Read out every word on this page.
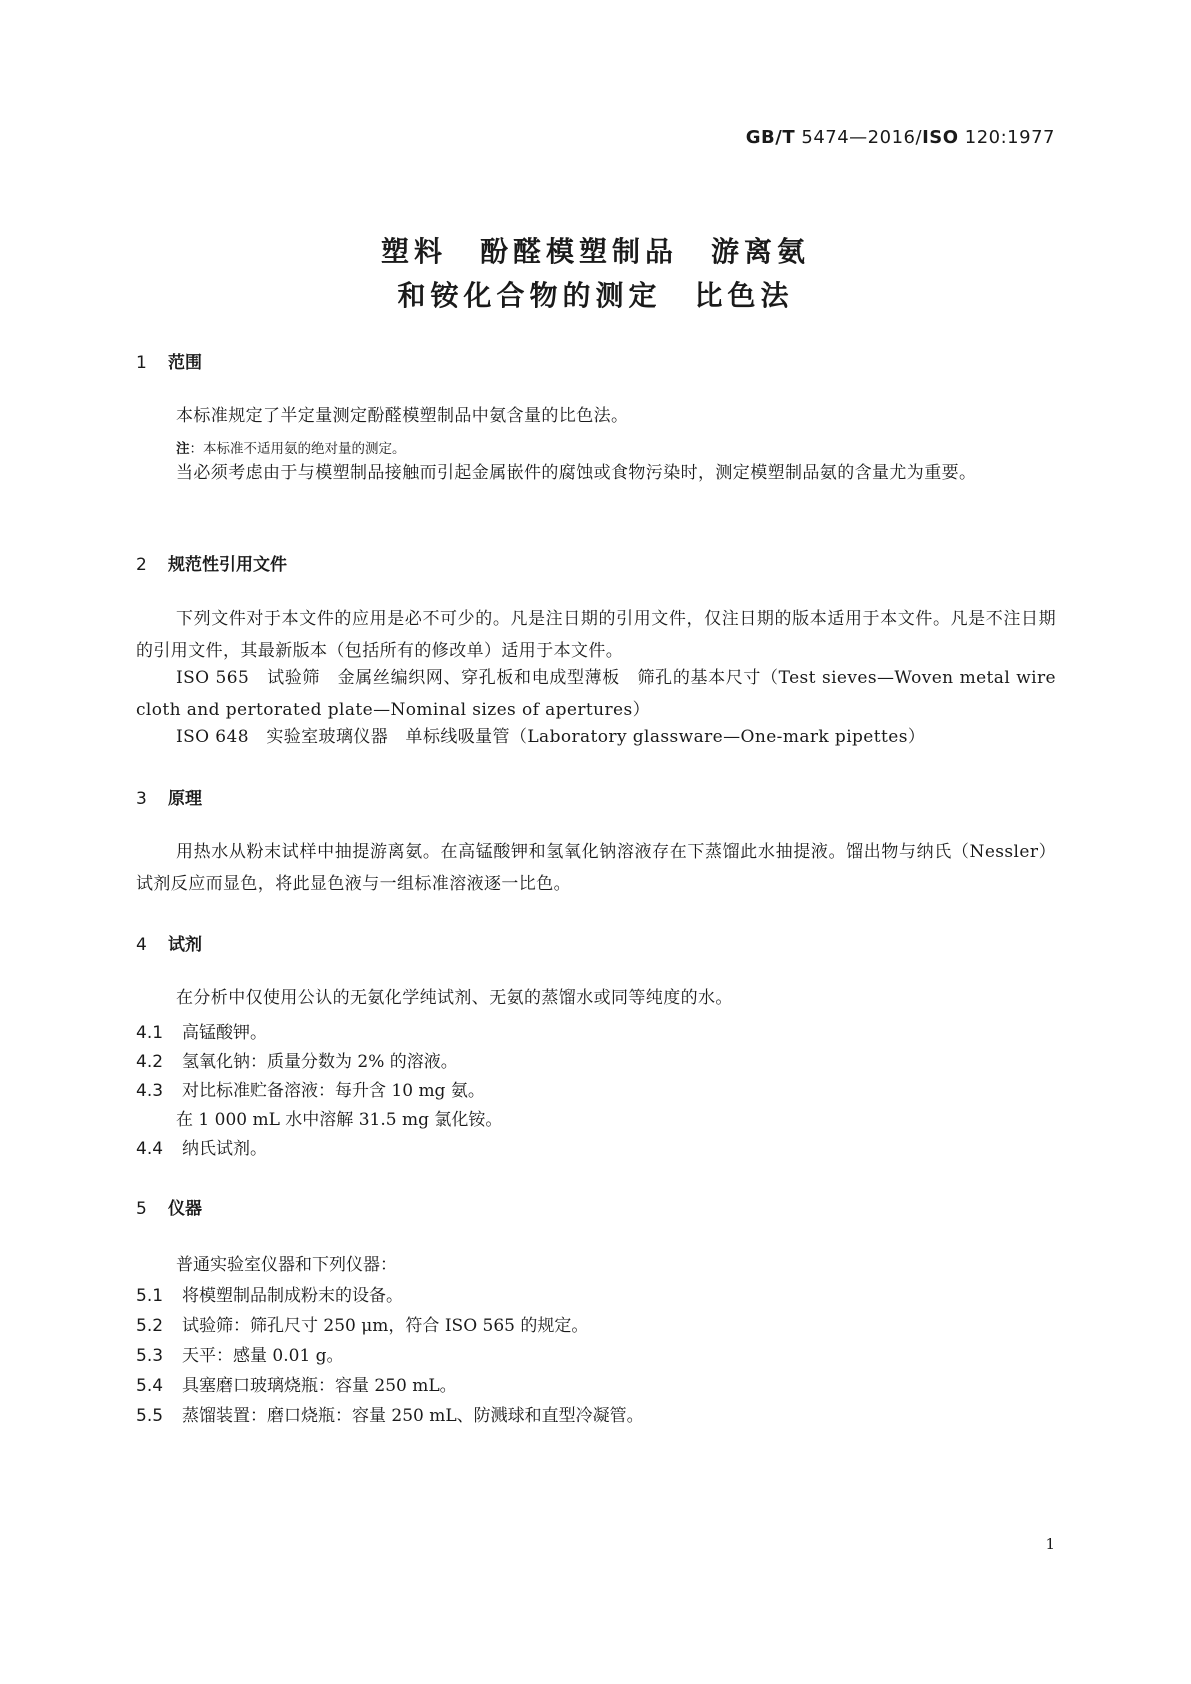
GB/T 5474—2016/ISO 120:1977
塑料　酚醛模塑制品　游离氨
和铵化合物的测定　比色法
1 范围
本标准规定了半定量测定酚醛模塑制品中氨含量的比色法。
注：本标准不适用氨的绝对量的测定。
当必须考虑由于与模塑制品接触而引起金属嵌件的腐蚀或食物污染时，测定模塑制品氨的含量尤为重要。
2 规范性引用文件
下列文件对于本文件的应用是必不可少的。凡是注日期的引用文件，仅注日期的版本适用于本文件。凡是不注日期的引用文件，其最新版本（包括所有的修改单）适用于本文件。
ISO 565　试验筛　金属丝编织网、穿孔板和电成型薄板　筛孔的基本尺寸（Test sieves—Woven metal wire cloth and pertorated plate—Nominal sizes of apertures）
ISO 648　实验室玻璃仪器　单标线吸量管（Laboratory glassware—One-mark pipettes）
3 原理
用热水从粉末试样中抽提游离氨。在高锰酸钾和氢氧化钠溶液存在下蒸馏此水抽提液。馏出物与纳氏（Nessler）试剂反应而显色，将此显色液与一组标准溶液逐一比色。
4 试剂
在分析中仅使用公认的无氨化学纯试剂、无氨的蒸馏水或同等纯度的水。
4.1 高锰酸钾。
4.2 氢氧化钠：质量分数为 2% 的溶液。
4.3 对比标准贮备溶液：每升含 10 mg 氨。
在 1 000 mL 水中溶解 31.5 mg 氯化铵。
4.4 纳氏试剂。
5 仪器
普通实验室仪器和下列仪器：
5.1 将模塑制品制成粉末的设备。
5.2 试验筛：筛孔尺寸 250 μm，符合 ISO 565 的规定。
5.3 天平：感量 0.01 g。
5.4 具塞磨口玻璃烧瓶：容量 250 mL。
5.5 蒸馏装置：磨口烧瓶：容量 250 mL、防溅球和直型冷凝管。
1
